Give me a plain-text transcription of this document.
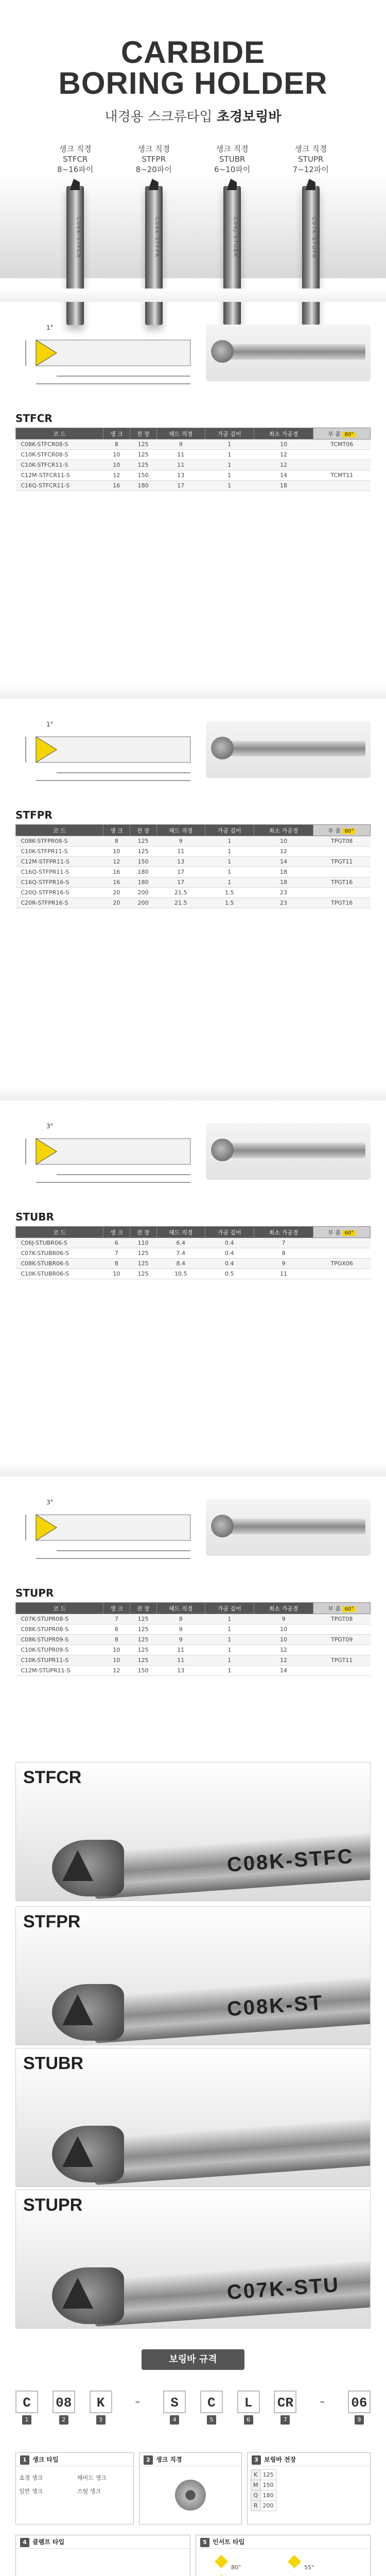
CARBIDE
BORING HOLDER
내경용 스크류타입 초경보링바
생크 직경
STFCR
8∼16파이
C08K-STFCR
생크 직경
STFPR
8∼20파이
C08K-STFPR
생크 직경
STUBR
6∼10파이
C06J-STUBR
생크 직경
STUPR
7∼12파이
C07K-STUPR
1°
STFCR
코 드	생 크	전 장	헤드 직경	가공 깊이	최소 가공경	부 품 80°
C08K-STFCR08-S	8	125	9	1	10	TCMT06
C10K-STFCR08-S	10	125	11	1	12	
C10K-STFCR11-S	10	125	11	1	12	
C12M-STFCR11-S	12	150	13	1	14	TCMT11
C16Q-STFCR11-S	16	180	17	1	18	
1°
STFPR
코 드	생 크	전 장	헤드 직경	가공 깊이	최소 가공경	부 품 60°
C08K-STFPR08-S	8	125	9	1	10	TPGT08
C10K-STFPR11-S	10	125	11	1	12	
C12M-STFPR11-S	12	150	13	1	14	TPGT11
C16Q-STFPR11-S	16	180	17	1	18	
C16Q-STFPR16-S	16	180	17	1	18	TPGT16
C20Q-STFPR16-S	20	200	21.5	1.5	23	
C20R-STFPR16-S	20	200	21.5	1.5	23	TPGT16
3°
STUBR
코 드	생 크	전 장	헤드 직경	가공 깊이	최소 가공경	부 품 60°
C06J-STUBR06-S	6	110	6.4	0.4	7	
C07K-STUBR06-S	7	125	7.4	0.4	8	
C08K-STUBR06-S	8	125	8.4	0.4	9	TPGX06
C10K-STUBR06-S	10	125	10.5	0.5	11	
3°
STUPR
코 드	생 크	전 장	헤드 직경	가공 깊이	최소 가공경	부 품 60°
C07K-STUPR08-S	7	125	8	1	9	TPGT08
C08K-STUPR08-S	8	125	9	1	10	
C08K-STUPR09-S	8	125	9	1	10	TPGT09
C10K-STUPR09-S	10	125	11	1	12	
C10K-STUPR11-S	10	125	11	1	12	TPGT11
C12M-STUPR11-S	12	150	13	1	14	
C08K-STFC
STFCR
C08K-ST
STFPR
STUBR
C07K-STU
STUPR
보링바 규격
C
1
08
2
K
3
-	S
4
C
5
L
6
CR
7
-	06
9
1 생크 타입
초경 생크	헤비드 생크
일반 생크	스틸 생크
2 생크 직경	3 보링바 전장
K	125
M	150
Q	180
R	200
4 클램프 타입	5 인서트 타입
80°	55°
